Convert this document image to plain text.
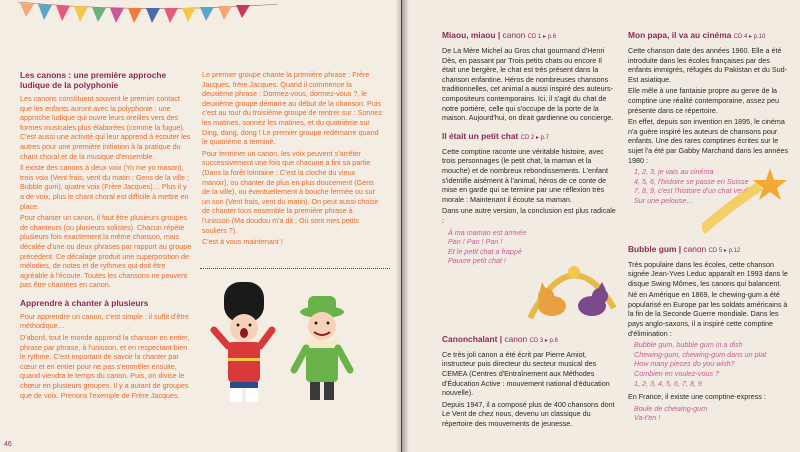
Les canons : une première approche ludique de la polyphonie

Les canons constituent souvent le premier contact que les enfants auront avec la polyphonie : une approche ludique qui ouvre leurs oreilles vers des formes musicales plus élaborées (comme la fugue). C'est aussi une activité qui leur apprend à écouter les autres pour une première initiation à la pratique du chant choral et de la musique d'ensemble.

Il existe des canons à deux voix (Yo me yo mason), trois voix (Vent frais, vent du matin ; Gens de la ville ; Bubble gum), quatre voix (Frère Jacques)… Plus il y a de voix, plus le chant choral est difficile à mettre en place.

Pour chanter un canon, il faut être plusieurs groupes de chanteurs (ou plusieurs solistes). Chacun répète plusieurs fois exactement la même chanson, mais décalée d'une ou deux phrases par rapport au groupe précédent. Ce décalage produit une superposition de mélodies, de notes et de rythmes qui doit être agréable à l'écoute. Toutes les chansons ne peuvent pas être chantées en canon.

Apprendre à chanter à plusieurs

Pour apprendre un canon, c'est simple : il suffit d'être méthodique…

D'abord, tout le monde apprend la chanson en entier, phrase par phrase, à l'unisson, et en respectant bien le rythme. C'est important de savoir la chanter par cœur et en entier pour ne pas s'emmêler ensuite, quand viendra le temps du canon. Puis, on divise le chœur en plusieurs groupes. Il y a autant de groupes que de voix. Prenons l'exemple de Frère Jacques.

Le premier groupe chante la première phrase : Frère Jacques, frère Jacques. Quand il commence la deuxième phrase : Dormez-vous, dormez-vous ?, le deuxième groupe démarre au début de la chanson. Puis c'est au tour du troisième groupe de rentrer sur : Sonnez les matines, sonnez les matines, et du quatrième sur Ding, dang, dong ! Le premier groupe redémarre quand le quatrième a terminé.

Pour terminer un canon, les voix peuvent s'arrêter successivement une fois que chacune a fini sa partie (Dans la forêt lointaine ; C'est la cloche du vieux manoir), ou chanter de plus en plus doucement (Gens de la ville), ou éventuellement à bouche fermée ou sur un son (Vent frais, vent du matin). On peut aussi choisir de chanter tous ensemble la première phrase à l'unisson (Ma doudou m'a dit ; Où sont mes petits souliers ?).

C'est à vous maintenant !

46
Miaou, miaou | canon CD 1 ▸ p.6

De La Mère Michel au Gros chat gourmand d'Henri Dès, en passant par Trois petits chats ou encore Il était une bergère, le chat est très présent dans la chanson enfantine. Héros de nombreuses chansons traditionnelles, cet animal a aussi inspiré des auteurs-compositeurs contemporains. Ici, il s'agit du chat de notre portière, celle qui s'occupe de la porte de la maison. Aujourd'hui, on dirait gardienne ou concierge.

Il était un petit chat CD 2 ▸ p.7

Cette comptine raconte une véritable histoire, avec trois personnages (le petit chat, la maman et la mouche) et de nombreux rebondissements. L'enfant s'identifie aisément à l'animal, héros de ce conte de mise en garde qui se termine par une réflexion très morale : Maintenant il écoute sa maman.

Dans une autre version, la conclusion est plus radicale :

À ma maman est arrivée
Pan ! Pan ! Pan !
Et le petit chat a frappé
Pauvre petit chat !
Canonchalant | canon CD 3 ▸ p.8

Ce très joli canon a été écrit par Pierre Amiot, instructeur puis directeur du secteur musical des CEMEA (Centres d'Entraînement aux Méthodes d'Éducation Active : mouvement national d'éducation nouvelle).

Depuis 1947, il a composé plus de 400 chansons dont Le Vent de chez nous, devenu un classique du répertoire des mouvements de jeunesse.

Mon papa, il va au cinéma CD 4 ▸ p.10

Cette chanson date des années 1960. Elle a été introduite dans les écoles françaises par des enfants immigrés, réfugiés du Pakistan et du Sud-Est asiatique.

Elle mêle à une fantaisie propre au genre de la comptine une réalité contemporaine, assez peu présente dans ce répertoire.

En effet, depuis son invention en 1895, le cinéma n'a guère inspiré les auteurs de chansons pour enfants. Une des rares comptines écrites sur le sujet l'a été par Gabby Marchand dans les années 1980 :

1, 2, 3, je vais au cinéma
4, 5, 6, l'histoire se passe en Suisse
7, 8, 9, c'est l'histoire d'un chat veuf
Sur une pelouse…
Bubble gum | canon CD 5 ▸ p.12

Très populaire dans les écoles, cette chanson signée Jean-Yves Leduc apparaît en 1993 dans le disque Swing Mômes, les canons qui balancent.

Né en Amérique en 1869, le chewing-gum a été popularisé en Europe par les soldats américains à la fin de la Seconde Guerre mondiale. Dans les pays anglo-saxons, il a inspiré cette comptine d'élimination :

Bubble gum, bubble gum in a dish
Chewing-gum, chewing-gum dans un plat
How many pieces do you wish?
Combien en voulez-vous ?
1, 2, 3, 4, 5, 6, 7, 8, 9

En France, il existe une comptine-express :

Boule de chewing-gum
Va-t'en !
